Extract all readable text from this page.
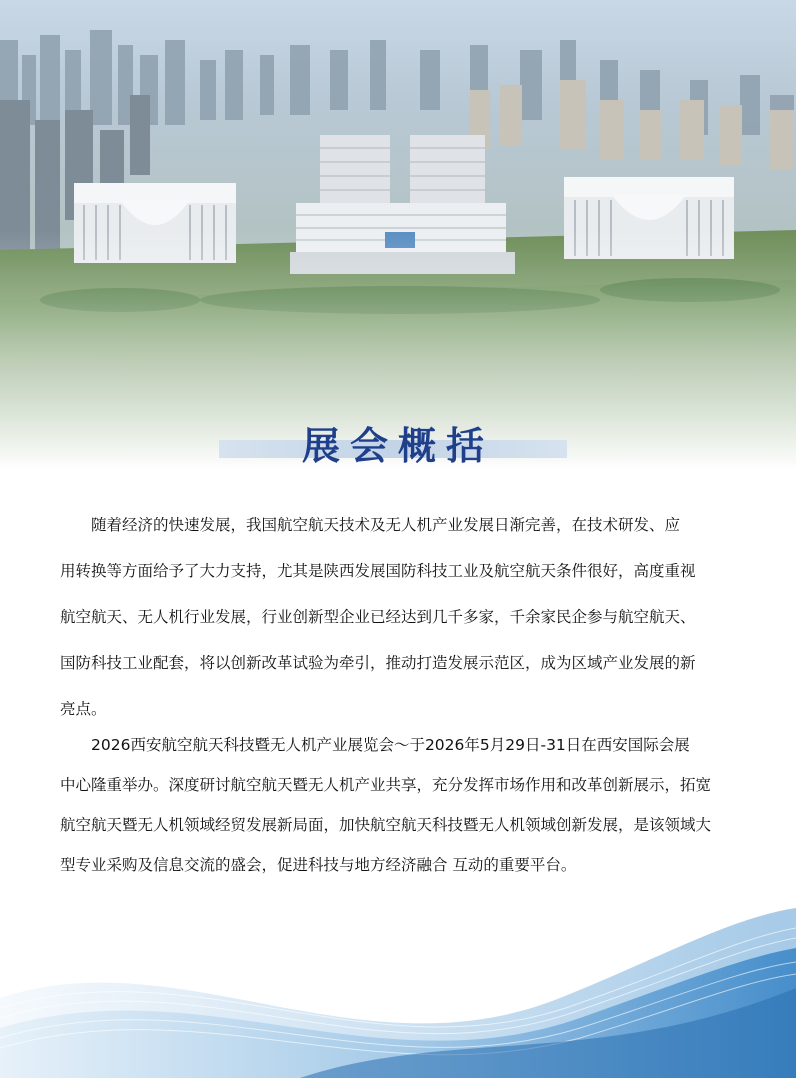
展会概括
　　随着经济的快速发展，我国航空航天技术及无人机产业发展日渐完善，在技术研发、应
用转换等方面给予了大力支持，尤其是陕西发展国防科技工业及航空航天条件很好，高度重视
航空航天、无人机行业发展，行业创新型企业已经达到几千多家，千余家民企参与航空航天、
国防科技工业配套，将以创新改革试验为牵引，推动打造发展示范区，成为区域产业发展的新
亮点。
　　2026西安航空航天科技暨无人机产业展览会～于2026年5月29日-31日在西安国际会展
中心隆重举办。深度研讨航空航天暨无人机产业共享，充分发挥市场作用和改革创新展示，拓宽
航空航天暨无人机领域经贸发展新局面，加快航空航天科技暨无人机领域创新发展，是该领域大
型专业采购及信息交流的盛会，促进科技与地方经济融合 互动的重要平台。
